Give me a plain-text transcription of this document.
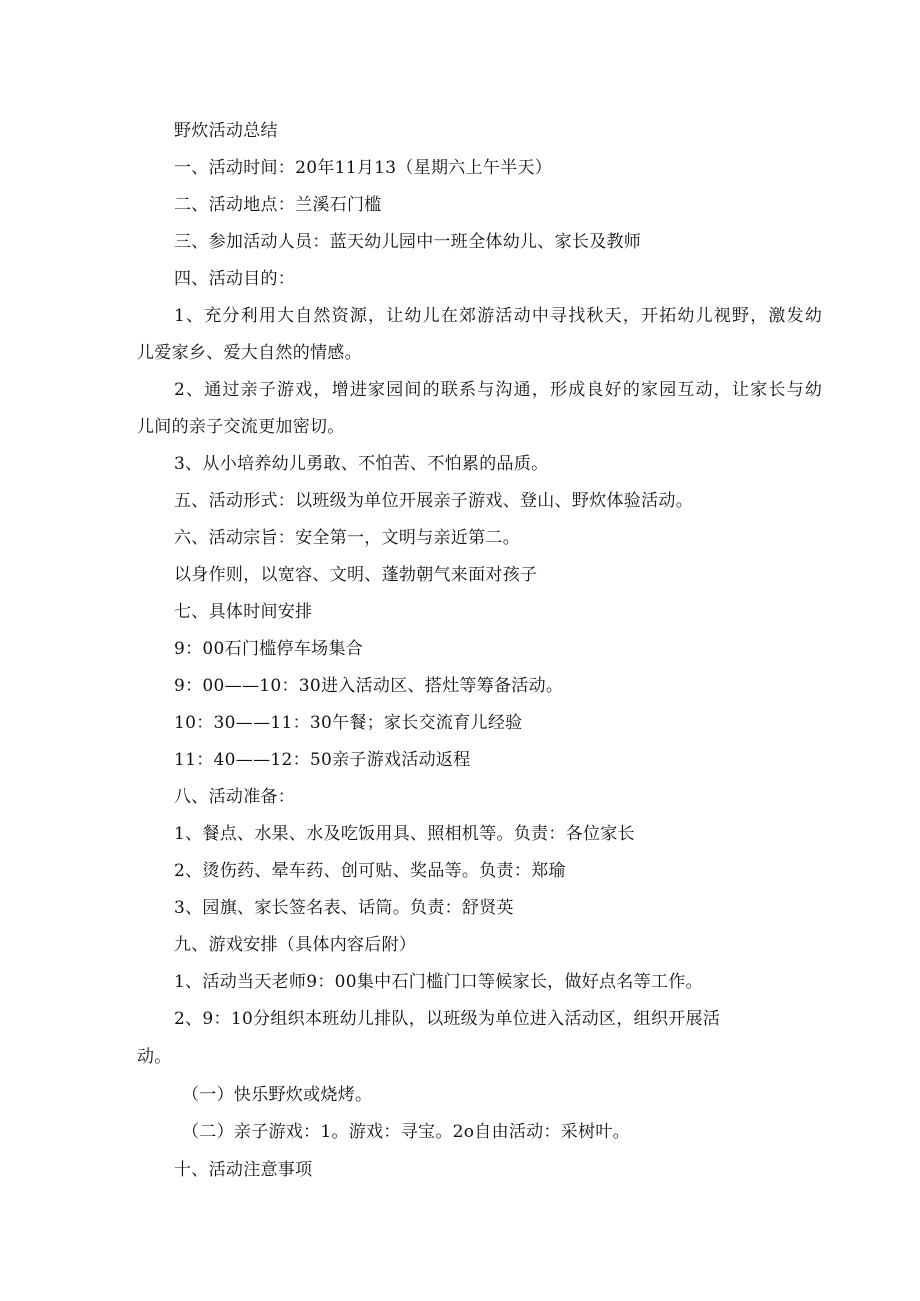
野炊活动总结
一、活动时间：20年11月13（星期六上午半天）
二、活动地点：兰溪石门槛
三、参加活动人员：蓝天幼儿园中一班全体幼儿、家长及教师
四、活动目的：
1、充分利用大自然资源，让幼儿在郊游活动中寻找秋天，开拓幼儿视野，激发幼
儿爱家乡、爱大自然的情感。
2、通过亲子游戏，增进家园间的联系与沟通，形成良好的家园互动，让家长与幼
儿间的亲子交流更加密切。
3、从小培养幼儿勇敢、不怕苦、不怕累的品质。
五、活动形式：以班级为单位开展亲子游戏、登山、野炊体验活动。
六、活动宗旨：安全第一，文明与亲近第二。
以身作则，以宽容、文明、蓬勃朝气来面对孩子
七、具体时间安排
9：00石门槛停车场集合
9：00——10：30进入活动区、搭灶等筹备活动。
10：30——11：30午餐；家长交流育儿经验
11：40——12：50亲子游戏活动返程
八、活动准备：
1、餐点、水果、水及吃饭用具、照相机等。负责：各位家长
2、烫伤药、晕车药、创可贴、奖品等。负责：郑瑜
3、园旗、家长签名表、话筒。负责：舒贤英
九、游戏安排（具体内容后附）
1、活动当天老师9：00集中石门槛门口等候家长，做好点名等工作。
2、9：10分组织本班幼儿排队，以班级为单位进入活动区，组织开展活
动。
（一）快乐野炊或烧烤。
（二）亲子游戏：1。游戏：寻宝。2o自由活动：采树叶。
十、活动注意事项
